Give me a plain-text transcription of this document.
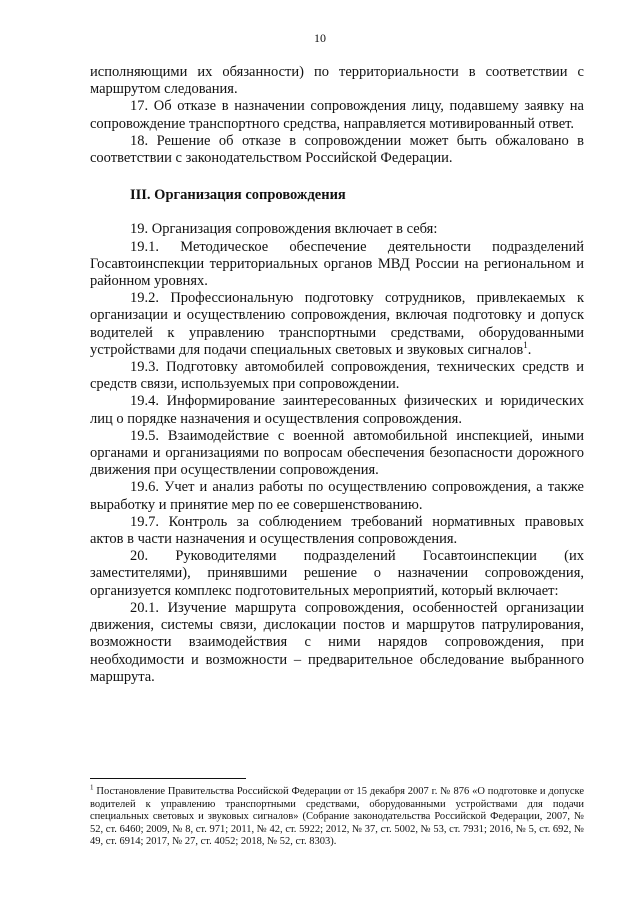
10

исполняющими их обязанности) по территориальности в соответствии с маршрутом следования.

17. Об отказе в назначении сопровождения лицу, подавшему заявку на сопровождение транспортного средства, направляется мотивированный ответ.

18. Решение об отказе в сопровождении может быть обжаловано в соответствии с законодательством Российской Федерации.

III. Организация сопровождения

19. Организация сопровождения включает в себя:

19.1. Методическое обеспечение деятельности подразделений Госавтоинспекции территориальных органов МВД России на региональном и районном уровнях.

19.2. Профессиональную подготовку сотрудников, привлекаемых к организации и осуществлению сопровождения, включая подготовку и допуск водителей к управлению транспортными средствами, оборудованными устройствами для подачи специальных световых и звуковых сигналов$^1$.

19.3. Подготовку автомобилей сопровождения, технических средств и средств связи, используемых при сопровождении.

19.4. Информирование заинтересованных физических и юридических лиц о порядке назначения и осуществления сопровождения.

19.5. Взаимодействие с военной автомобильной инспекцией, иными органами и организациями по вопросам обеспечения безопасности дорожного движения при осуществлении сопровождения.

19.6. Учет и анализ работы по осуществлению сопровождения, а также выработку и принятие мер по ее совершенствованию.

19.7. Контроль за соблюдением требований нормативных правовых актов в части назначения и осуществления сопровождения.

20. Руководителями подразделений Госавтоинспекции (их заместителями), принявшими решение о назначении сопровождения, организуется комплекс подготовительных мероприятий, который включает:

20.1. Изучение маршрута сопровождения, особенностей организации движения, системы связи, дислокации постов и маршрутов патрулирования, возможности взаимодействия с ними нарядов сопровождения, при необходимости и возможности – предварительное обследование выбранного маршрута.

$^1$ Постановление Правительства Российской Федерации от 15 декабря 2007 г. № 876 «О подготовке и допуске водителей к управлению транспортными средствами, оборудованными устройствами для подачи специальных световых и звуковых сигналов» (Собрание законодательства Российской Федерации, 2007, № 52, ст. 6460; 2009, № 8, ст. 971; 2011, № 42, ст. 5922; 2012, № 37, ст. 5002, № 53, ст. 7931; 2016, № 5, ст. 692, № 49, ст. 6914; 2017, № 27, ст. 4052; 2018, № 52, ст. 8303).
